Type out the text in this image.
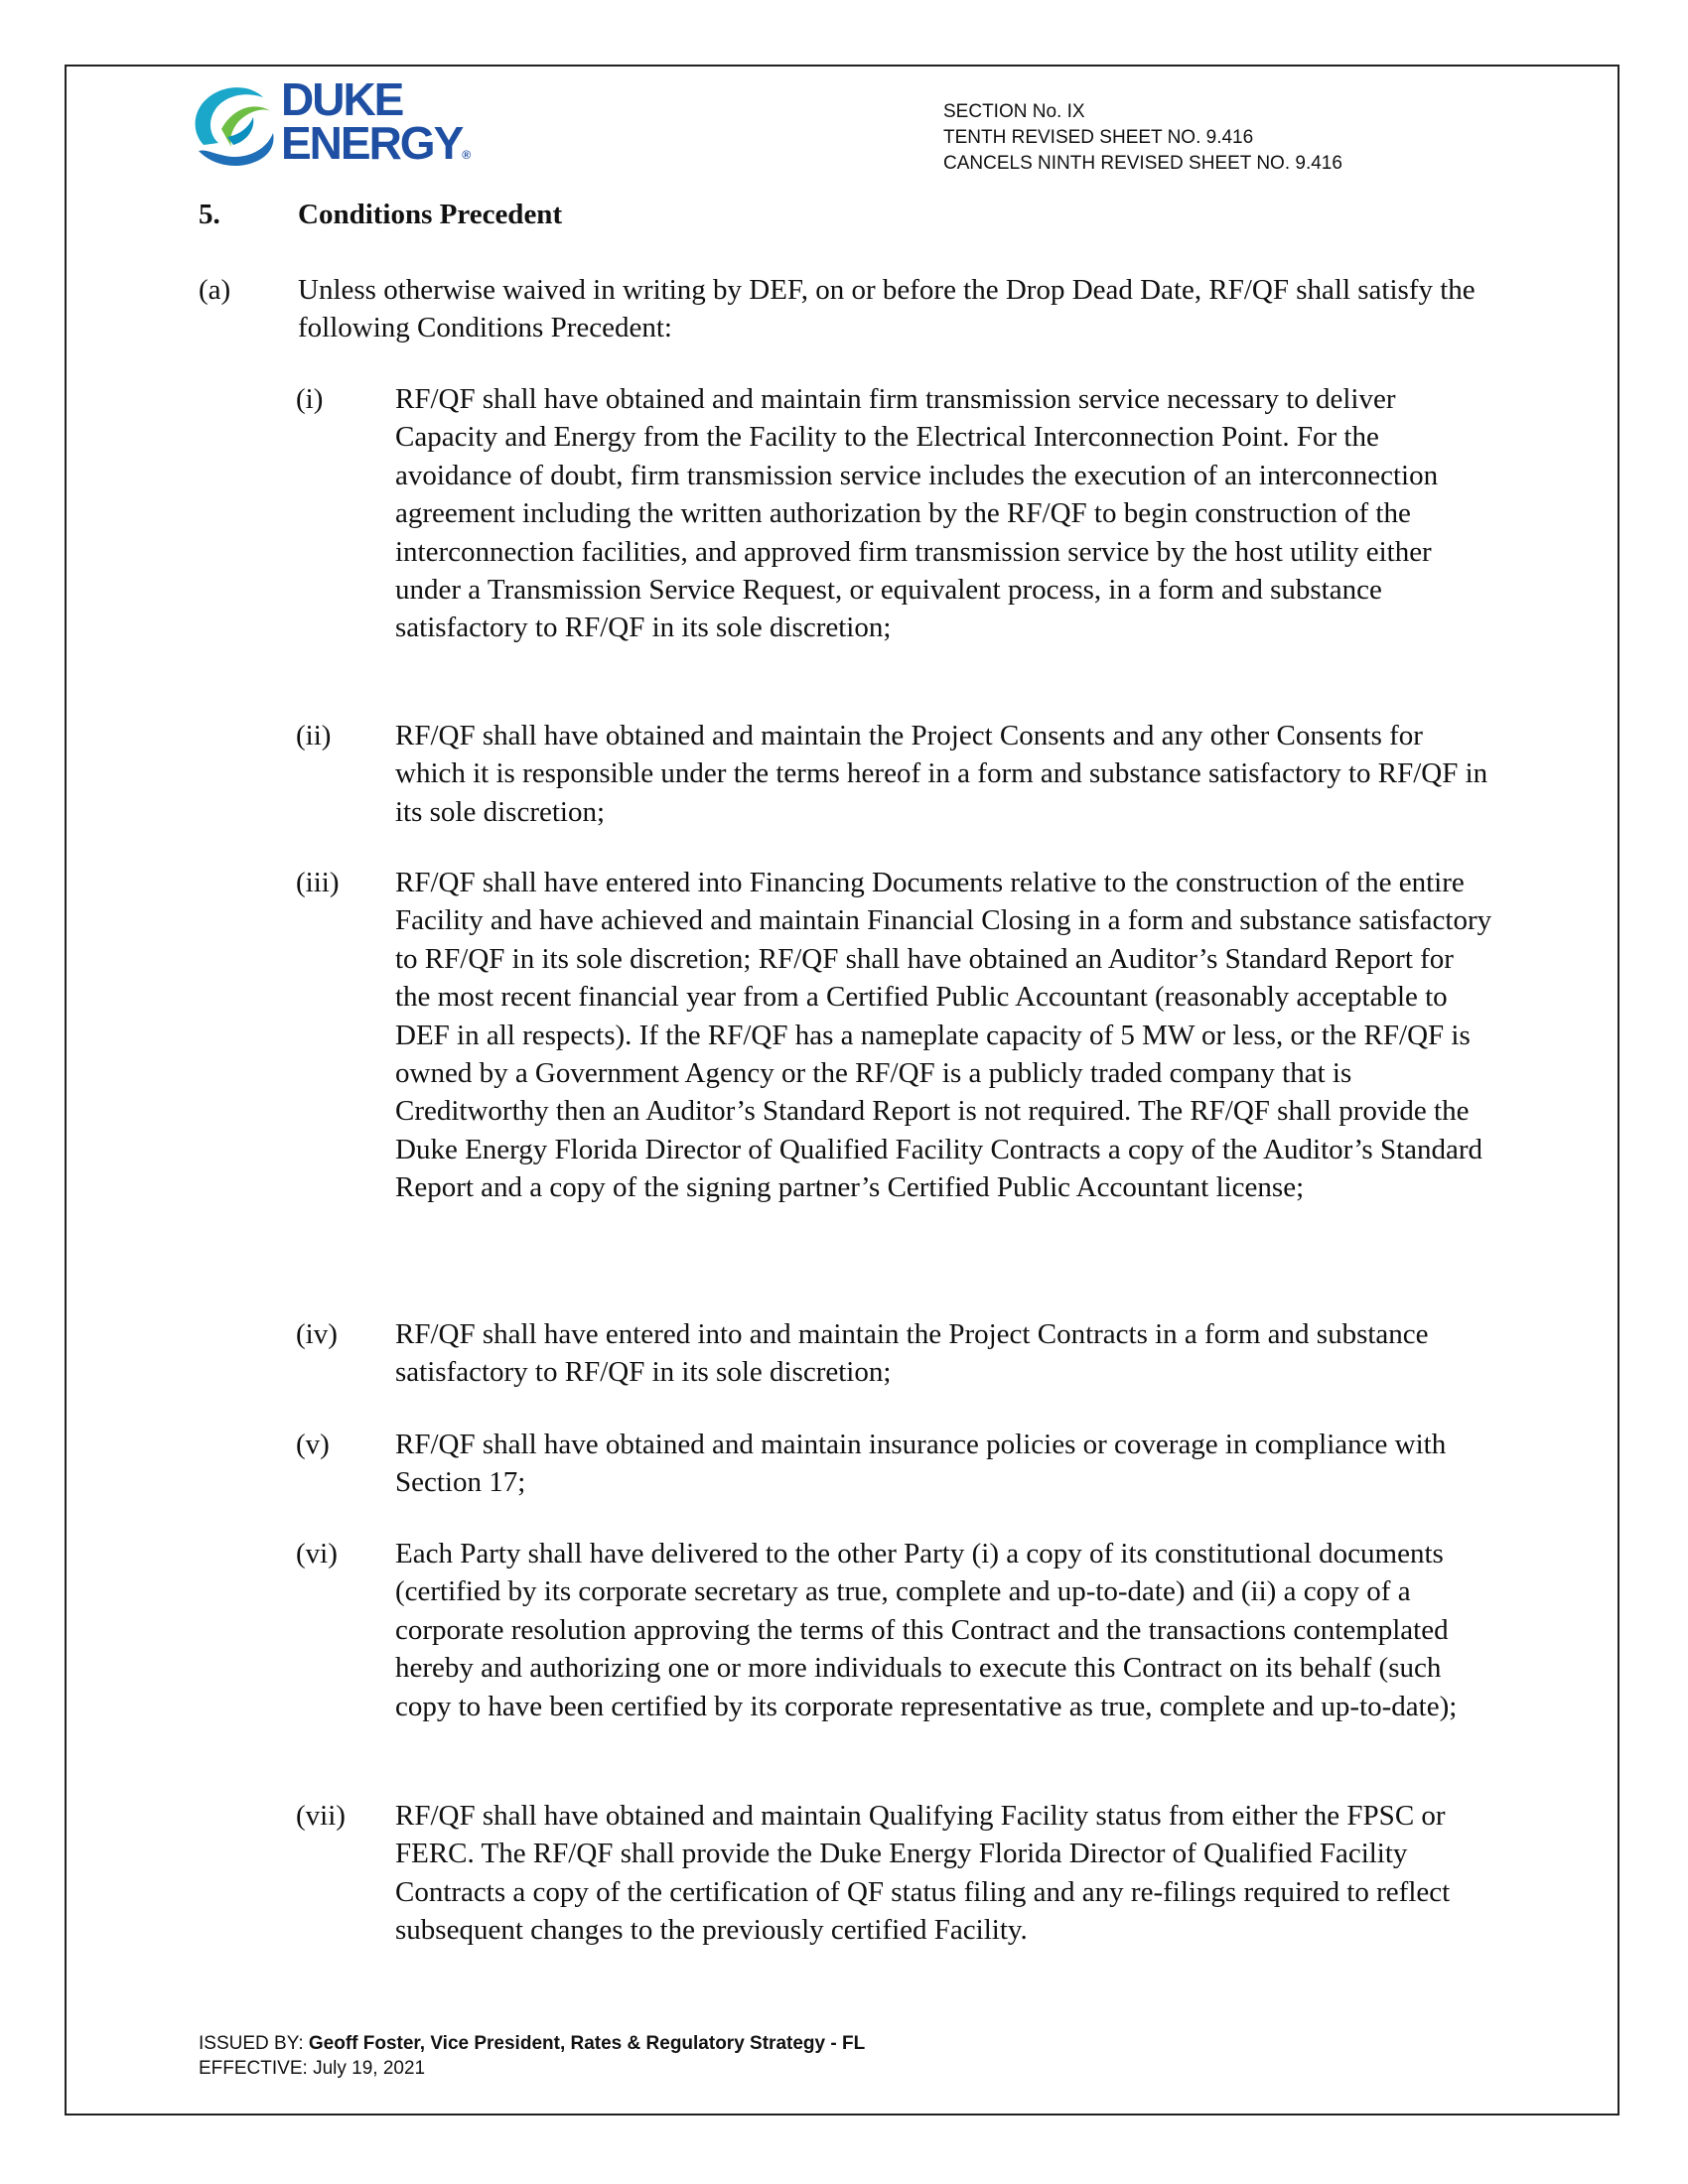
DUKE
ENERGY®
SECTION No. IX
TENTH REVISED SHEET NO. 9.416
CANCELS NINTH REVISED SHEET NO. 9.416
5.	Conditions Precedent
(a) Unless otherwise waived in writing by DEF, on or before the Drop Dead Date, RF/QF shall satisfy the following Conditions Precedent:
(i)	RF/QF shall have obtained and maintain firm transmission service necessary to deliver Capacity and Energy from the Facility to the Electrical Interconnection Point. For the avoidance of doubt, firm transmission service includes the execution of an interconnection agreement including the written authorization by the RF/QF to begin construction of the interconnection facilities, and approved firm transmission service by the host utility either under a Transmission Service Request, or equivalent process, in a form and substance satisfactory to RF/QF in its sole discretion;
(ii) RF/QF shall have obtained and maintain the Project Consents and any other Consents for which it is responsible under the terms hereof in a form and substance satisfactory to RF/QF in its sole discretion;
(iii) RF/QF shall have entered into Financing Documents relative to the construction of the entire Facility and have achieved and maintain Financial Closing in a form and substance satisfactory to RF/QF in its sole discretion; RF/QF shall have obtained an Auditor’s Standard Report for the most recent financial year from a Certified Public Accountant (reasonably acceptable to DEF in all respects). If the RF/QF has a nameplate capacity of 5 MW or less, or the RF/QF is owned by a Government Agency or the RF/QF is a publicly traded company that is Creditworthy then an Auditor’s Standard Report is not required. The RF/QF shall provide the Duke Energy Florida Director of Qualified Facility Contracts a copy of the Auditor’s Standard Report and a copy of the signing partner’s Certified Public Accountant license;
(iv) RF/QF shall have entered into and maintain the Project Contracts in a form and substance satisfactory to RF/QF in its sole discretion;
(v) RF/QF shall have obtained and maintain insurance policies or coverage in compliance with Section 17;
(vi) Each Party shall have delivered to the other Party (i) a copy of its constitutional documents (certified by its corporate secretary as true, complete and up-to-date) and (ii) a copy of a corporate resolution approving the terms of this Contract and the transactions contemplated hereby and authorizing one or more individuals to execute this Contract on its behalf (such copy to have been certified by its corporate representative as true, complete and up-to-date);
(vii) RF/QF shall have obtained and maintain Qualifying Facility status from either the FPSC or FERC. The RF/QF shall provide the Duke Energy Florida Director of Qualified Facility Contracts a copy of the certification of QF status filing and any re-filings required to reflect subsequent changes to the previously certified Facility.
ISSUED BY: Geoff Foster, Vice President, Rates & Regulatory Strategy - FL
EFFECTIVE: July 19, 2021
